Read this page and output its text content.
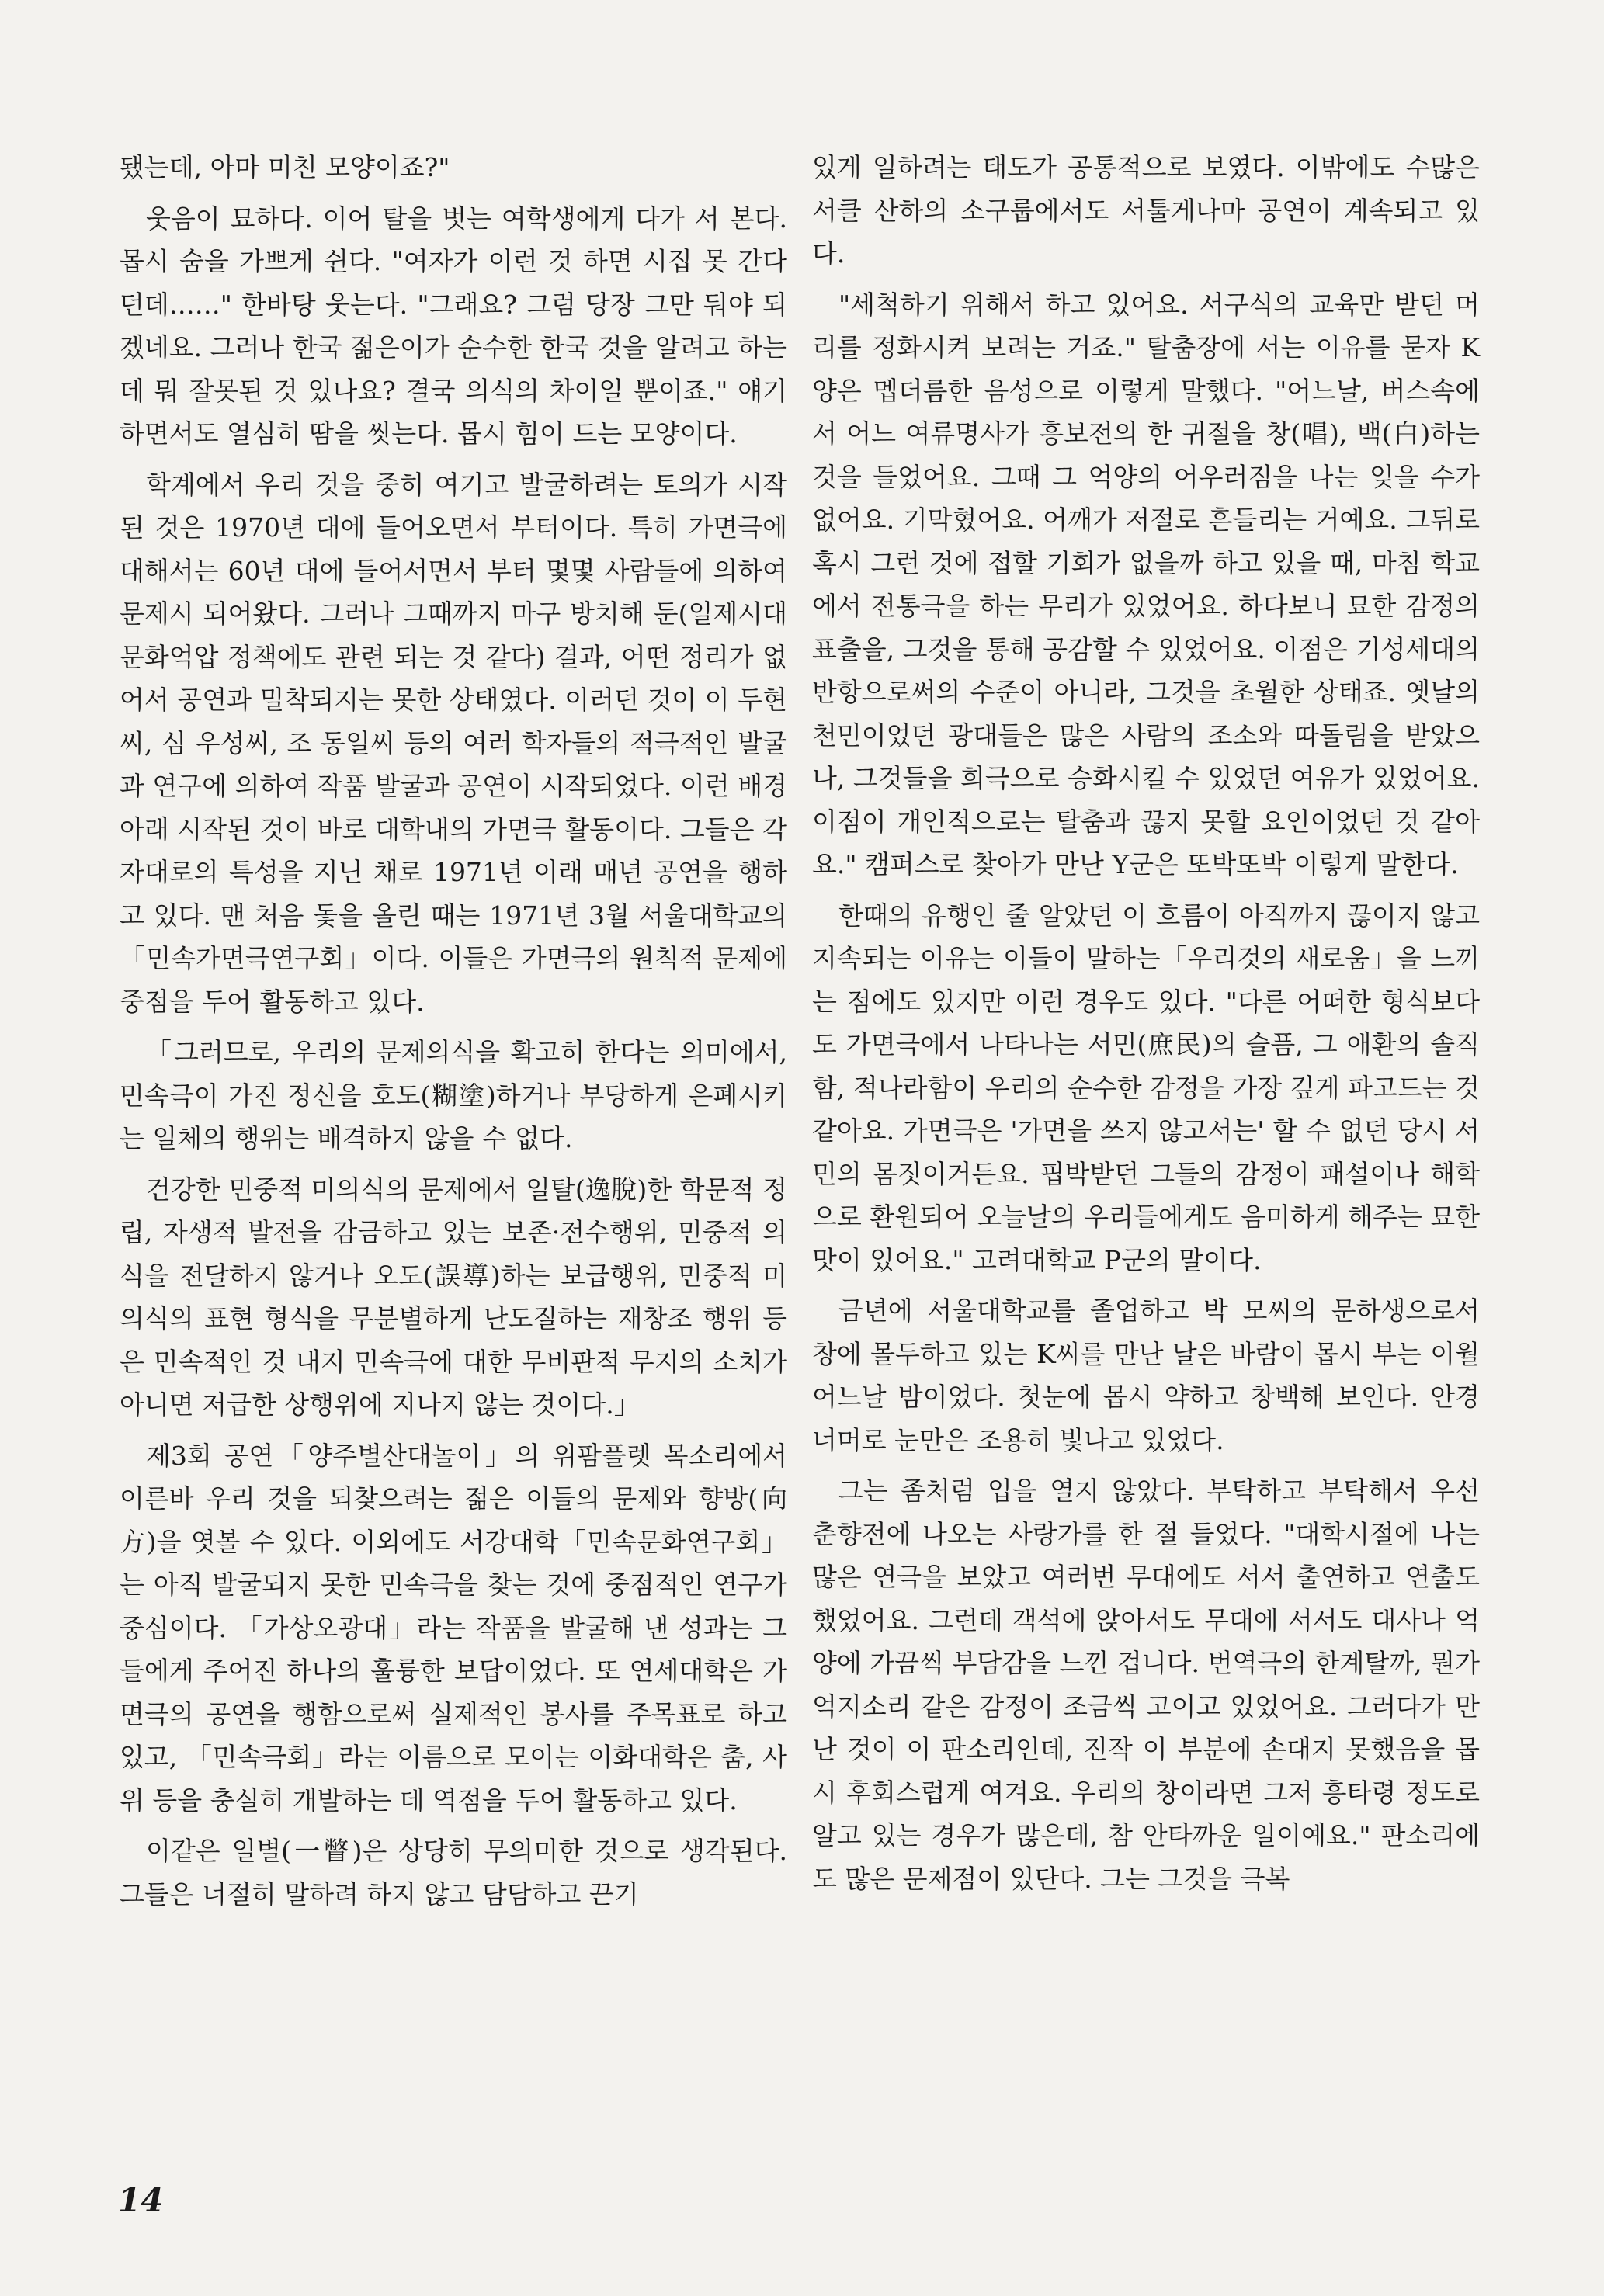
됐는데, 아마 미친 모양이죠?"

웃음이 묘하다. 이어 탈을 벗는 여학생에게 다가 서 본다. 몹시 숨을 가쁘게 쉰다. "여자가 이런 것 하면 시집 못 간다던데……" 한바탕 웃는다. "그래요? 그럼 당장 그만 둬야 되겠네요. 그러나 한국 젊은이가 순수한 한국 것을 알려고 하는데 뭐 잘못된 것 있나요? 결국 의식의 차이일 뿐이죠." 얘기 하면서도 열심히 땀을 씻는다. 몹시 힘이 드는 모양이다.

학계에서 우리 것을 중히 여기고 발굴하려는 토의가 시작된 것은 1970년 대에 들어오면서 부터이다. 특히 가면극에 대해서는 60년 대에 들어서면서 부터 몇몇 사람들에 의하여 문제시 되어왔다. 그러나 그때까지 마구 방치해 둔(일제시대 문화억압 정책에도 관련 되는 것 같다) 결과, 어떤 정리가 없어서 공연과 밀착되지는 못한 상태였다. 이러던 것이 이 두현씨, 심 우성씨, 조 동일씨 등의 여러 학자들의 적극적인 발굴과 연구에 의하여 작품 발굴과 공연이 시작되었다. 이런 배경아래 시작된 것이 바로 대학내의 가면극 활동이다. 그들은 각자대로의 특성을 지닌 채로 1971년 이래 매년 공연을 행하고 있다. 맨 처음 돛을 올린 때는 1971년 3월 서울대학교의 「민속가면극연구회」이다. 이들은 가면극의 원칙적 문제에 중점을 두어 활동하고 있다.

「그러므로, 우리의 문제의식을 확고히 한다는 의미에서, 민속극이 가진 정신을 호도(糊塗)하거나 부당하게 은폐시키는 일체의 행위는 배격하지 않을 수 없다.

건강한 민중적 미의식의 문제에서 일탈(逸脫)한 학문적 정립, 자생적 발전을 감금하고 있는 보존·전수행위, 민중적 의식을 전달하지 않거나 오도(誤導)하는 보급행위, 민중적 미의식의 표현 형식을 무분별하게 난도질하는 재창조 행위 등은 민속적인 것 내지 민속극에 대한 무비판적 무지의 소치가 아니면 저급한 상행위에 지나지 않는 것이다.」

제3회 공연「양주별산대놀이」의 위팜플렛 목소리에서 이른바 우리 것을 되찾으려는 젊은 이들의 문제와 향방(向方)을 엿볼 수 있다. 이외에도 서강대학「민속문화연구회」는 아직 발굴되지 못한 민속극을 찾는 것에 중점적인 연구가 중심이다. 「가상오광대」라는 작품을 발굴해 낸 성과는 그들에게 주어진 하나의 훌륭한 보답이었다. 또 연세대학은 가면극의 공연을 행함으로써 실제적인 봉사를 주목표로 하고 있고, 「민속극회」라는 이름으로 모이는 이화대학은 춤, 사위 등을 충실히 개발하는 데 역점을 두어 활동하고 있다.

이같은 일별(一瞥)은 상당히 무의미한 것으로 생각된다. 그들은 너절히 말하려 하지 않고 담담하고 끈기

있게 일하려는 태도가 공통적으로 보였다. 이밖에도 수많은 서클 산하의 소구룹에서도 서툴게나마 공연이 계속되고 있다.

"세척하기 위해서 하고 있어요. 서구식의 교육만 받던 머리를 정화시켜 보려는 거죠." 탈춤장에 서는 이유를 묻자 K양은 멥더름한 음성으로 이렇게 말했다. "어느날, 버스속에서 어느 여류명사가 흥보전의 한 귀절을 창(唱), 백(白)하는 것을 들었어요. 그때 그 억양의 어우러짐을 나는 잊을 수가 없어요. 기막혔어요. 어깨가 저절로 흔들리는 거예요. 그뒤로 혹시 그런 것에 접할 기회가 없을까 하고 있을 때, 마침 학교에서 전통극을 하는 무리가 있었어요. 하다보니 묘한 감정의 표출을, 그것을 통해 공감할 수 있었어요. 이점은 기성세대의 반항으로써의 수준이 아니라, 그것을 초월한 상태죠. 옛날의 천민이었던 광대들은 많은 사람의 조소와 따돌림을 받았으나, 그것들을 희극으로 승화시킬 수 있었던 여유가 있었어요. 이점이 개인적으로는 탈춤과 끊지 못할 요인이었던 것 같아요." 캠퍼스로 찾아가 만난 Y군은 또박또박 이렇게 말한다.

한때의 유행인 줄 알았던 이 흐름이 아직까지 끊이지 않고 지속되는 이유는 이들이 말하는「우리것의 새로움」을 느끼는 점에도 있지만 이런 경우도 있다. "다른 어떠한 형식보다도 가면극에서 나타나는 서민(庶民)의 슬픔, 그 애환의 솔직함, 적나라함이 우리의 순수한 감정을 가장 깊게 파고드는 것 같아요. 가면극은 '가면을 쓰지 않고서는' 할 수 없던 당시 서민의 몸짓이거든요. 핍박받던 그들의 감정이 패설이나 해학으로 환원되어 오늘날의 우리들에게도 음미하게 해주는 묘한 맛이 있어요." 고려대학교 P군의 말이다.

금년에 서울대학교를 졸업하고 박 모씨의 문하생으로서 창에 몰두하고 있는 K씨를 만난 날은 바람이 몹시 부는 이월 어느날 밤이었다. 첫눈에 몹시 약하고 창백해 보인다. 안경 너머로 눈만은 조용히 빛나고 있었다.

그는 좀처럼 입을 열지 않았다. 부탁하고 부탁해서 우선 춘향전에 나오는 사랑가를 한 절 들었다. "대학시절에 나는 많은 연극을 보았고 여러번 무대에도 서서 출연하고 연출도 했었어요. 그런데 객석에 앉아서도 무대에 서서도 대사나 억양에 가끔씩 부담감을 느낀 겁니다. 번역극의 한계탈까, 뭔가 억지소리 같은 감정이 조금씩 고이고 있었어요. 그러다가 만난 것이 이 판소리인데, 진작 이 부분에 손대지 못했음을 몹시 후회스럽게 여겨요. 우리의 창이라면 그저 흥타령 정도로 알고 있는 경우가 많은데, 참 안타까운 일이예요." 판소리에도 많은 문제점이 있단다. 그는 그것을 극복

14
